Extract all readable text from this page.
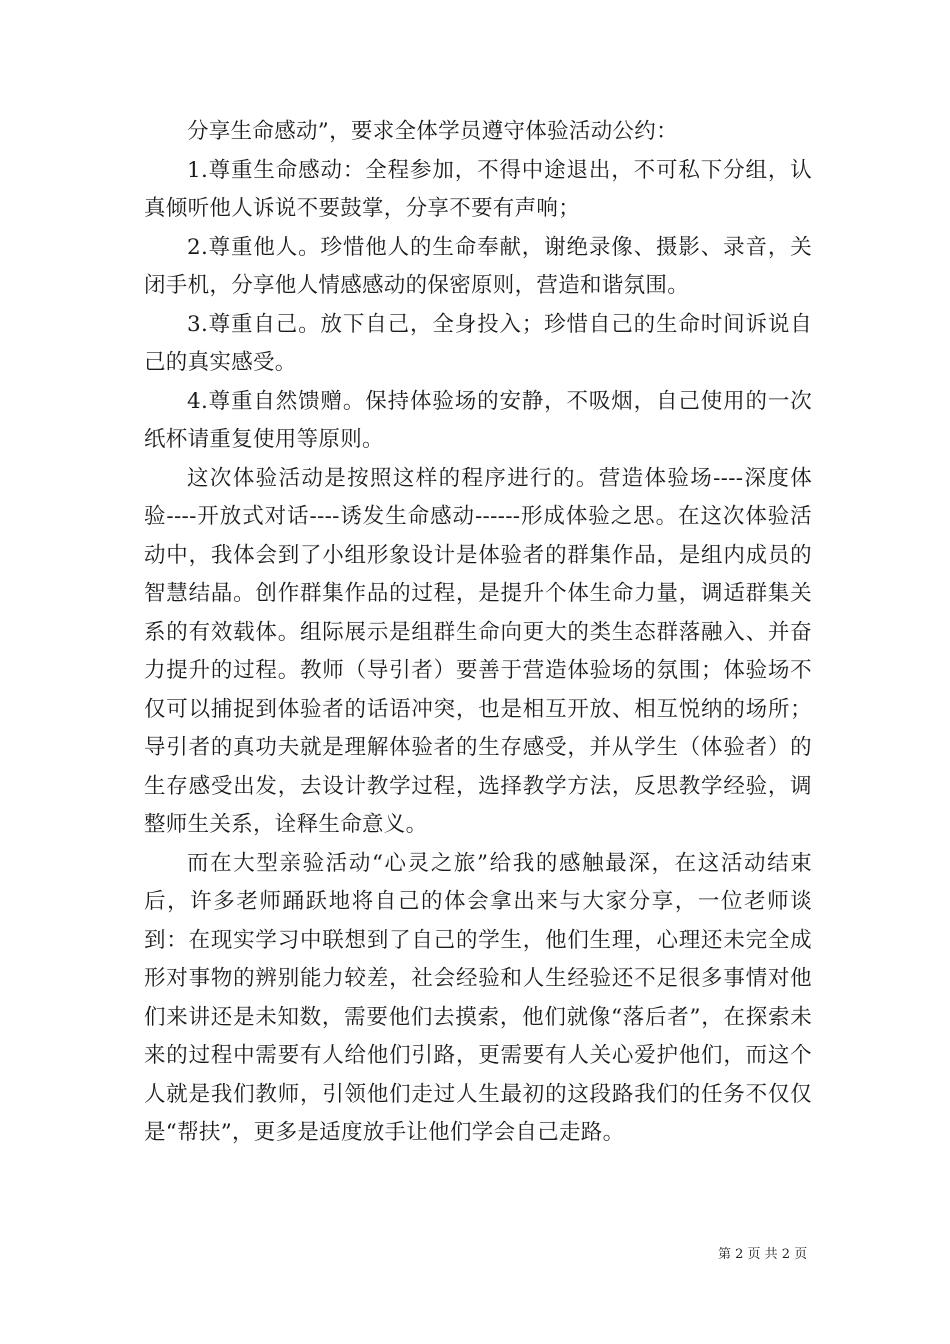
分享生命感动”，要求全体学员遵守体验活动公约：

1.尊重生命感动：全程参加，不得中途退出，不可私下分组，认真倾听他人诉说不要鼓掌，分享不要有声响；

2.尊重他人。珍惜他人的生命奉献，谢绝录像、摄影、录音，关闭手机，分享他人情感感动的保密原则，营造和谐氛围。

3.尊重自己。放下自己，全身投入；珍惜自己的生命时间诉说自己的真实感受。

4.尊重自然馈赠。保持体验场的安静，不吸烟，自己使用的一次纸杯请重复使用等原则。

这次体验活动是按照这样的程序进行的。营造体验场----深度体验----开放式对话----诱发生命感动------形成体验之思。在这次体验活动中，我体会到了小组形象设计是体验者的群集作品，是组内成员的智慧结晶。创作群集作品的过程，是提升个体生命力量，调适群集关系的有效载体。组际展示是组群生命向更大的类生态群落融入、并奋力提升的过程。教师（导引者）要善于营造体验场的氛围；体验场不仅可以捕捉到体验者的话语冲突，也是相互开放、相互悦纳的场所；导引者的真功夫就是理解体验者的生存感受，并从学生（体验者）的生存感受出发，去设计教学过程，选择教学方法，反思教学经验，调整师生关系，诠释生命意义。

而在大型亲验活动“心灵之旅”给我的感触最深，在这活动结束后，许多老师踊跃地将自己的体会拿出来与大家分享，一位老师谈到：在现实学习中联想到了自己的学生，他们生理，心理还未完全成形对事物的辨别能力较差，社会经验和人生经验还不足很多事情对他们来讲还是未知数，需要他们去摸索，他们就像“落后者”，在探索未来的过程中需要有人给他们引路，更需要有人关心爱护他们，而这个人就是我们教师，引领他们走过人生最初的这段路我们的任务不仅仅是“帮扶”，更多是适度放手让他们学会自己走路。

第 2 页 共 2 页
